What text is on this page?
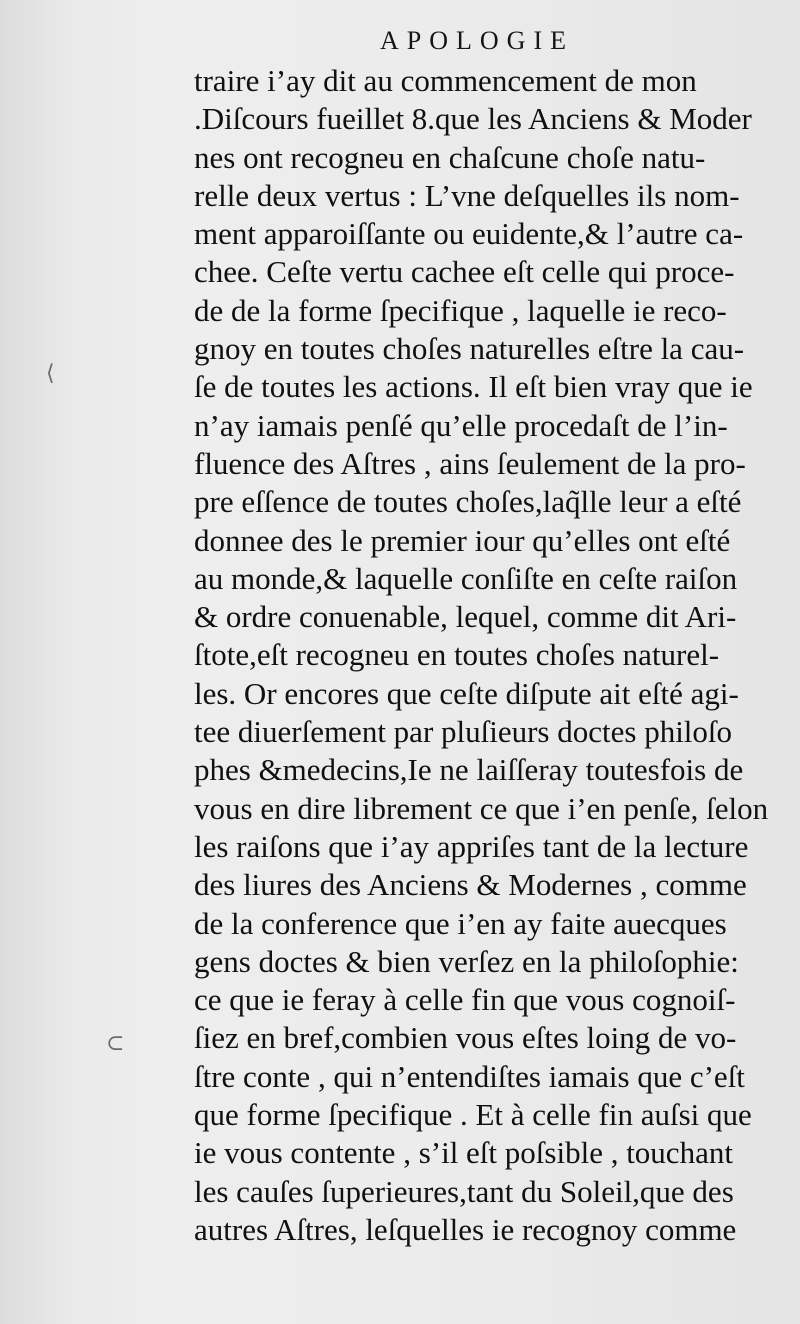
APOLOGIE
⟨
⊂
traire i’ay dit au commencement de mon
.Diſcours fueillet 8.que les Anciens & Moder
nes ont recogneu en chaſcune choſe natu-
relle deux vertus : L’vne deſquelles ils nom-
ment apparoiſſante ou euidente,& l’autre ca-
chee. Ceſte vertu cachee eſt celle qui proce-
de de la forme ſpecifique , laquelle ie reco-
gnoy en toutes choſes naturelles eſtre la cau-
ſe de toutes les actions. Il eſt bien vray que ie
n’ay iamais penſé qu’elle procedaſt de l’in-
fluence des Aſtres , ains ſeulement de la pro-
pre eſſence de toutes choſes,laq̃lle leur a eſté
donnee des le premier iour qu’elles ont eſté
au monde,& laquelle conſiſte en ceſte raiſon
& ordre conuenable, lequel, comme dit Ari-
ſtote,eſt recogneu en toutes choſes naturel-
les. Or encores que ceſte diſpute ait eſté agi-
tee diuerſement par pluſieurs doctes philoſo
phes &medecins,Ie ne laiſſeray toutesfois de
vous en dire librement ce que i’en penſe, ſelon
les raiſons que i’ay appriſes tant de la lecture
des liures des Anciens & Modernes , comme
de la conference que i’en ay faite auecques
gens doctes & bien verſez en la philoſophie:
ce que ie feray à celle fin que vous cognoiſ-
ſiez en bref,combien vous eſtes loing de vo-
ſtre conte , qui n’entendiſtes iamais que c’eſt
que forme ſpecifique . Et à celle fin auſsi que
ie vous contente , s’il eſt poſsible , touchant
les cauſes ſuperieures,tant du Soleil,que des
autres Aſtres, leſquelles ie recognoy comme
